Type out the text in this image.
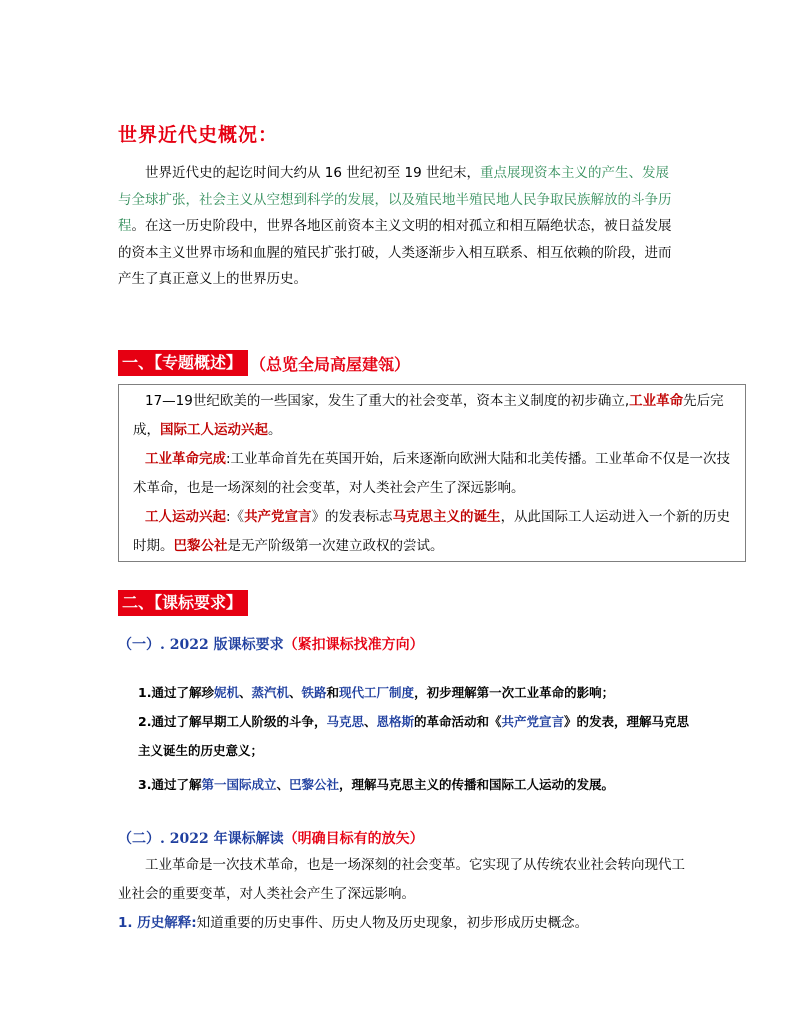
世界近代史概况：
世界近代史的起讫时间大约从 16 世纪初至 19 世纪末，重点展现资本主义的产生、发展与全球扩张，社会主义从空想到科学的发展，以及殖民地半殖民地人民争取民族解放的斗争历程。在这一历史阶段中，世界各地区前资本主义文明的相对孤立和相互隔绝状态，被日益发展的资本主义世界市场和血腥的殖民扩张打破，人类逐渐步入相互联系、相互依赖的阶段，进而产生了真正意义上的世界历史。
一、【专题概述】 （总览全局高屋建瓴）

17—19世纪欧美的一些国家，发生了重大的社会变革，资本主义制度的初步确立,工业革命先后完成，国际工人运动兴起。

工业革命完成:工业革命首先在英国开始，后来逐渐向欧洲大陆和北美传播。工业革命不仅是一次技术革命，也是一场深刻的社会变革，对人类社会产生了深远影响。

工人运动兴起:《共产党宣言》的发表标志马克思主义的诞生，从此国际工人运动进入一个新的历史时期。巴黎公社是无产阶级第一次建立政权的尝试。

二、【课标要求】
（一）. 2022 版课标要求（紧扣课标找准方向）

1.通过了解珍妮机、蒸汽机、铁路和现代工厂制度，初步理解第一次工业革命的影响；

2.通过了解早期工人阶级的斗争，马克思、恩格斯的革命活动和《共产党宣言》的发表，理解马克思主义诞生的历史意义；

3.通过了解第一国际成立、巴黎公社，理解马克思主义的传播和国际工人运动的发展。

（二）. 2022 年课标解读（明确目标有的放矢）

工业革命是一次技术革命，也是一场深刻的社会变革。它实现了从传统农业社会转向现代工业社会的重要变革，对人类社会产生了深远影响。

1. 历史解释:知道重要的历史事件、历史人物及历史现象，初步形成历史概念。
